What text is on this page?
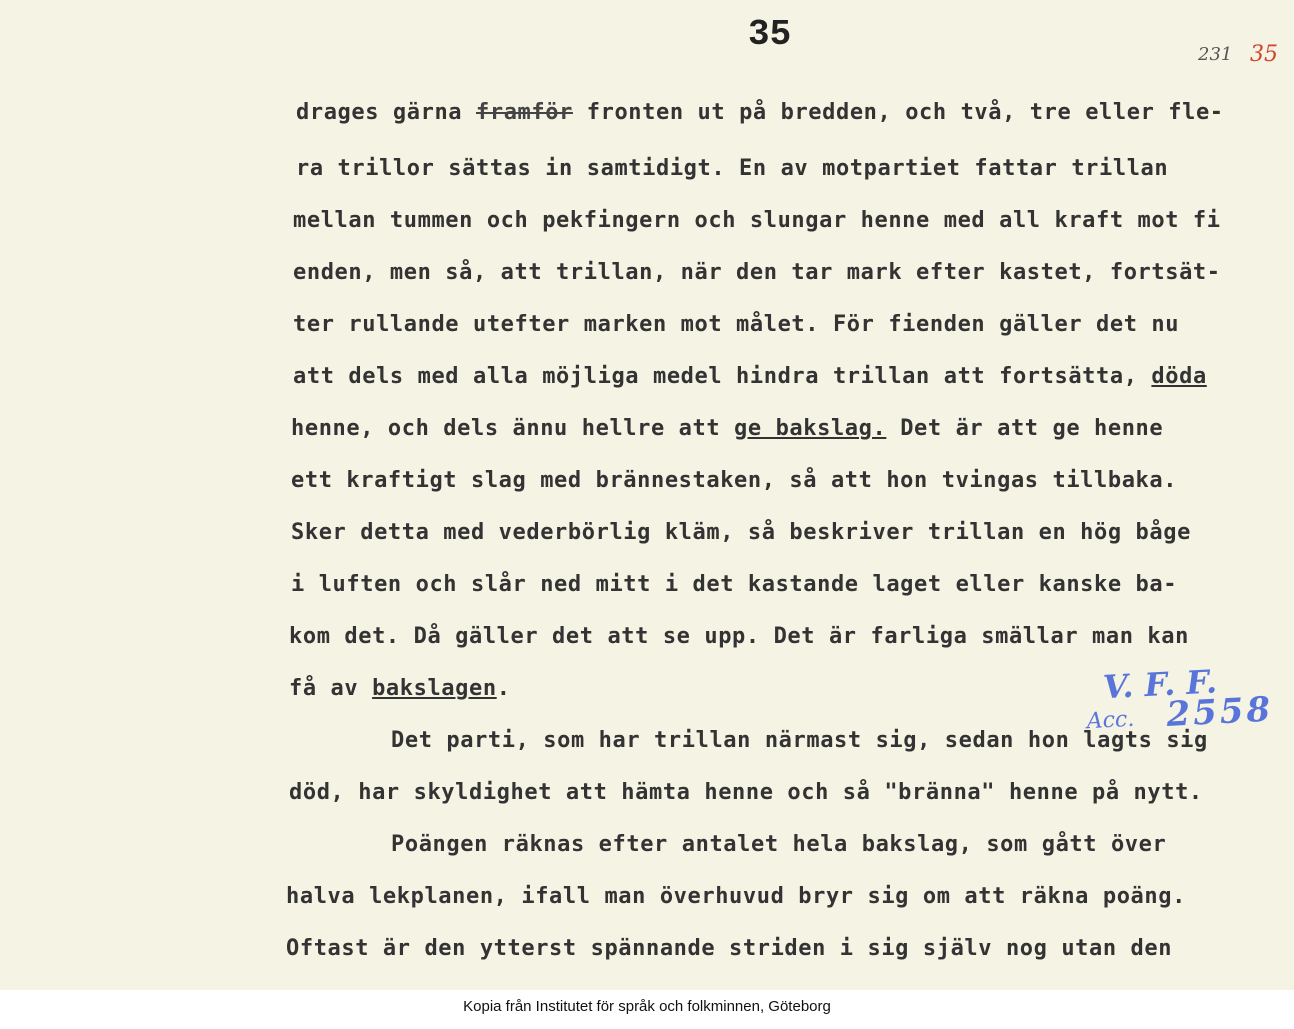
35	231 35
drages gärna framför fronten ut på bredden, och två, tre eller fle-
ra trillor sättas in samtidigt. En av motpartiet fattar trillan
mellan tummen och pekfingern och slungar henne med all kraft mot fi
enden, men så, att trillan, när den tar mark efter kastet, fortsät-
ter rullande utefter marken mot målet. För fienden gäller det nu
att dels med alla möjliga medel hindra trillan att fortsätta, döda
henne, och dels ännu hellre att ge bakslag. Det är att ge henne
ett kraftigt slag med brännestaken, så att hon tvingas tillbaka.
Sker detta med vederbörlig kläm, så beskriver trillan en hög båge
i luften och slår ned mitt i det kastande laget eller kanske ba-
kom det. Då gäller det att se upp. Det är farliga smällar man kan
få av bakslagen.
Det parti, som har trillan närmast sig, sedan hon lagts sig
död, har skyldighet att hämta henne och så "bränna" henne på nytt.
Poängen räknas efter antalet hela bakslag, som gått över
halva lekplanen, ifall man överhuvud bryr sig om att räkna poäng.
Oftast är den ytterst spännande striden i sig själv nog utan den
V. F. F.
Acc. 2558
Kopia från Institutet för språk och folkminnen, Göteborg
